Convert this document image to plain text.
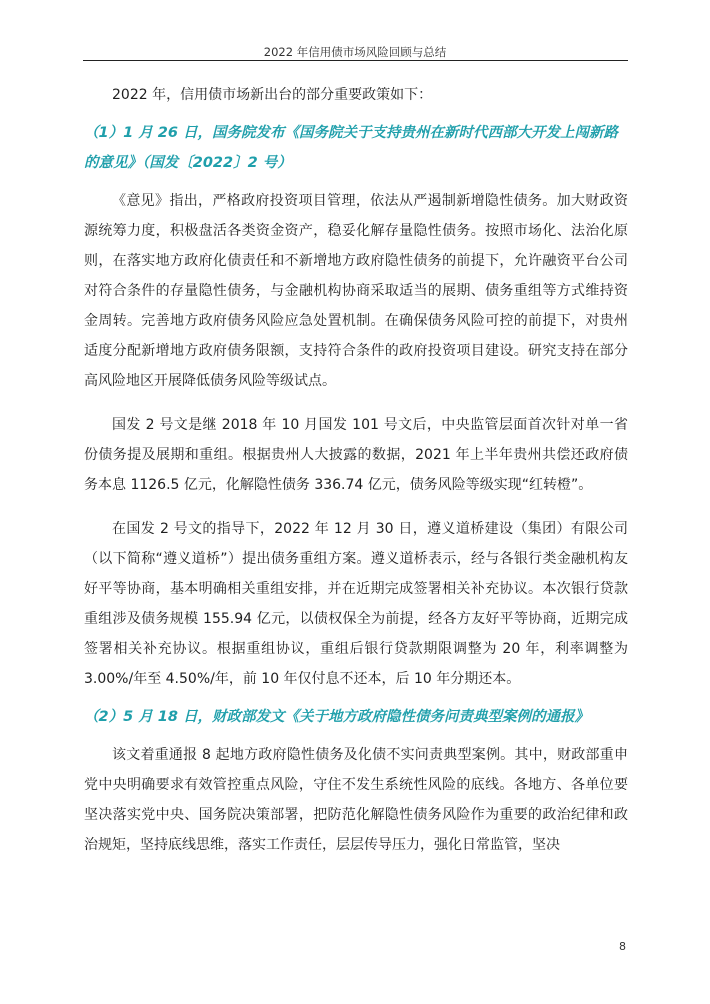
2022 年信用债市场风险回顾与总结

2022 年，信用债市场新出台的部分重要政策如下：

（1）1 月 26 日，国务院发布《国务院关于支持贵州在新时代西部大开发上闯新路的意见》（国发〔2022〕2 号）

《意见》指出，严格政府投资项目管理，依法从严遏制新增隐性债务。加大财政资源统筹力度，积极盘活各类资金资产，稳妥化解存量隐性债务。按照市场化、法治化原则，在落实地方政府化债责任和不新增地方政府隐性债务的前提下，允许融资平台公司对符合条件的存量隐性债务，与金融机构协商采取适当的展期、债务重组等方式维持资金周转。完善地方政府债务风险应急处置机制。在确保债务风险可控的前提下，对贵州适度分配新增地方政府债务限额，支持符合条件的政府投资项目建设。研究支持在部分高风险地区开展降低债务风险等级试点。

国发 2 号文是继 2018 年 10 月国发 101 号文后，中央监管层面首次针对单一省份债务提及展期和重组。根据贵州人大披露的数据，2021 年上半年贵州共偿还政府债务本息 1126.5 亿元，化解隐性债务 336.74 亿元，债务风险等级实现“红转橙”。

在国发 2 号文的指导下，2022 年 12 月 30 日，遵义道桥建设（集团）有限公司（以下简称“遵义道桥”）提出债务重组方案。遵义道桥表示，经与各银行类金融机构友好平等协商，基本明确相关重组安排，并在近期完成签署相关补充协议。本次银行贷款重组涉及债务规模 155.94 亿元，以债权保全为前提，经各方友好平等协商，近期完成签署相关补充协议。根据重组协议，重组后银行贷款期限调整为 20 年，利率调整为 3.00%/年至 4.50%/年，前 10 年仅付息不还本，后 10 年分期还本。

（2）5 月 18 日，财政部发文《关于地方政府隐性债务问责典型案例的通报》

该文着重通报 8 起地方政府隐性债务及化债不实问责典型案例。其中，财政部重申党中央明确要求有效管控重点风险，守住不发生系统性风险的底线。各地方、各单位要坚决落实党中央、国务院决策部署，把防范化解隐性债务风险作为重要的政治纪律和政治规矩，坚持底线思维，落实工作责任，层层传导压力，强化日常监管，坚决

8
